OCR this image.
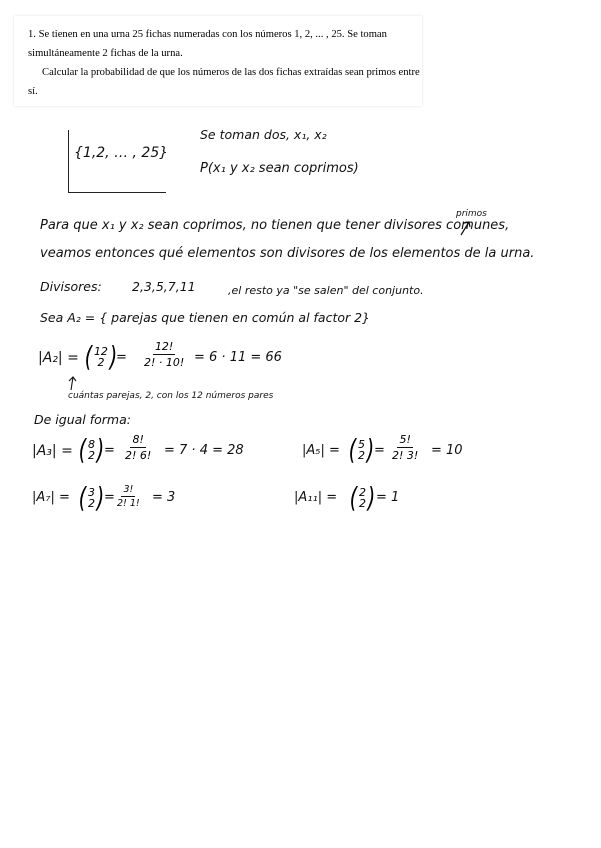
1. Se tienen en una urna 25 fichas numeradas con los números 1, 2, ... , 25. Se toman simultáneamente 2 fichas de la urna.

Calcular la probabilidad de que los números de las dos fichas extraídas sean primos entre sí.

{1,2, … , 25}
Se toman dos, x₁, x₂
P(x₁ y x₂ sean coprimos)
primos
Para que x₁ y x₂ sean coprimos, no tienen que tener divisores comunes,
veamos entonces qué elementos son divisores de los elementos de la urna.
Divisores: 2,3,5,7,11	,el resto ya "se salen" del conjunto.
Sea A₂ = { parejas que tienen en común al factor 2}
|A₂| = ( 12
2 )
= $\frac{12!}{2! \cdot 10!} = 6 \cdot 11 = 66$
cuántas parejas, 2, con los 12 números pares
De igual forma:
|A₃| = ( 8
2 ) = $\frac{8!}{2! 6!} = 7 \cdot 4 = 28$	|A₅| = ( 5
2 ) = $\frac{5!}{2! 3!} = 10$
|A₇| = ( 3
2 ) = $\frac{3!}{2! 1!} = 3$	|A₁₁| = ( 2
2 ) = 1
